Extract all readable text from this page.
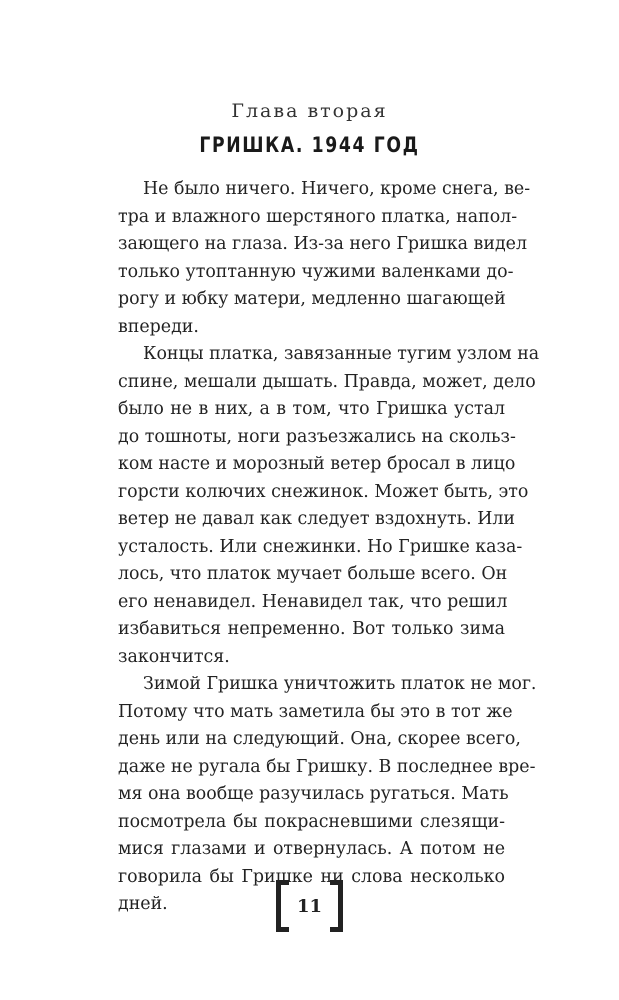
Глава вторая
ГРИШКА. 1944 ГОД
Не было ничего. Ничего, кроме снега, ве-
тра и влажного шерстяного платка, напол-
зающего на глаза. Из-за него Гришка видел
только утоптанную чужими валенками до-
рогу и юбку матери, медленно шагающей
впереди.
Концы платка, завязанные тугим узлом на
спине, мешали дышать. Правда, может, дело
было не в них, а в том, что Гришка устал
до тошноты, ноги разъезжались на скольз-
ком насте и морозный ветер бросал в лицо
горсти колючих снежинок. Может быть, это
ветер не давал как следует вздохнуть. Или
усталость. Или снежинки. Но Гришке каза-
лось, что платок мучает больше всего. Он
его ненавидел. Ненавидел так, что решил
избавиться непременно. Вот только зима
закончится.
Зимой Гришка уничтожить платок не мог.
Потому что мать заметила бы это в тот же
день или на следующий. Она, скорее всего,
даже не ругала бы Гришку. В последнее вре-
мя она вообще разучилась ругаться. Мать
посмотрела бы покрасневшими слезящи-
мися глазами и отвернулась. А потом не
говорила бы Гришке ни слова несколько
дней.	11
